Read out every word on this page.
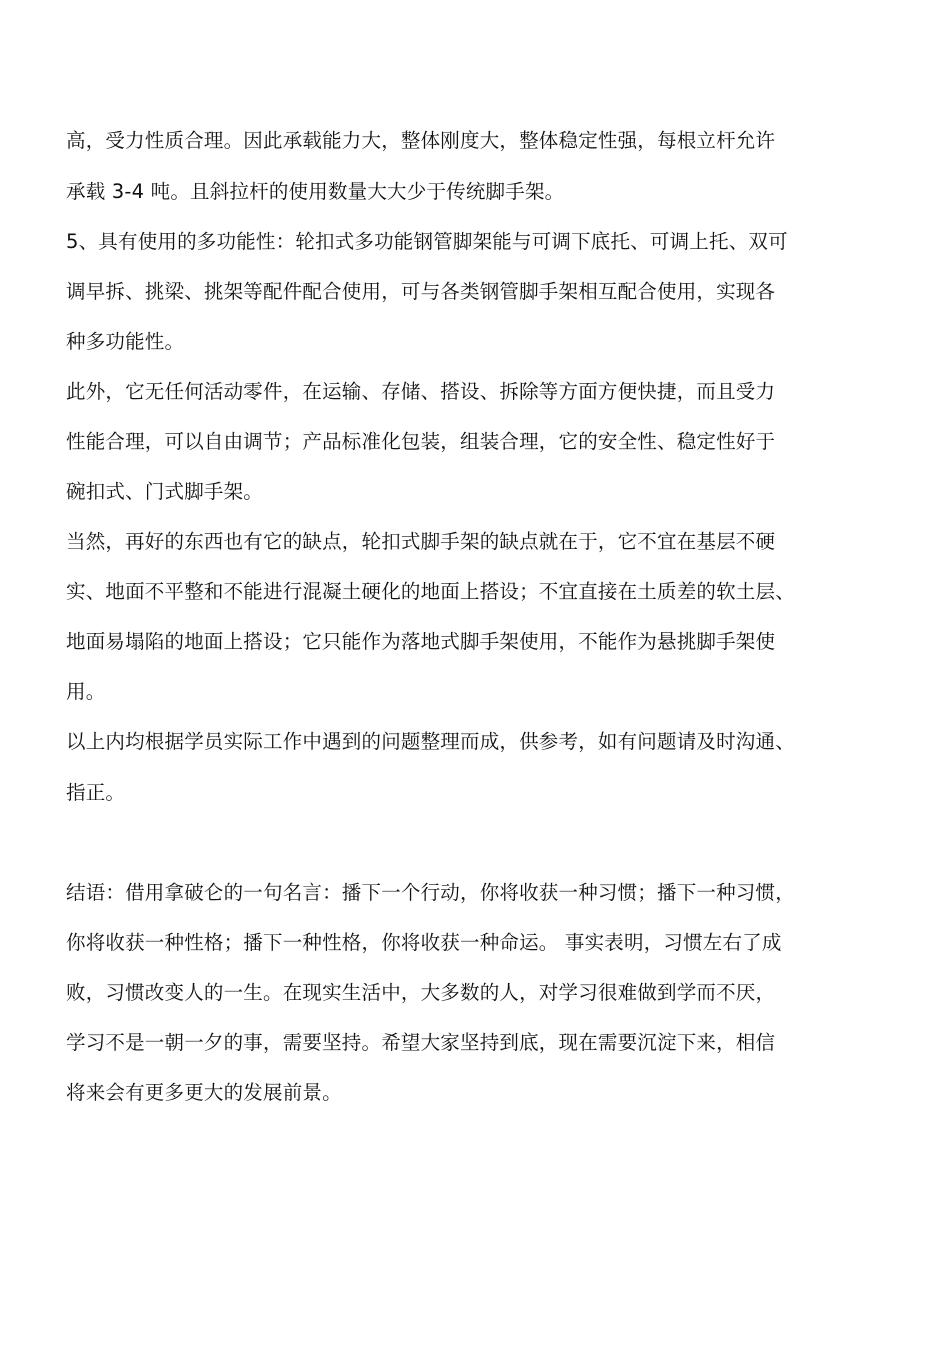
高，受力性质合理。因此承载能力大，整体刚度大，整体稳定性强，每根立杆允许
承载 3-4 吨。且斜拉杆的使用数量大大少于传统脚手架。
5、具有使用的多功能性：轮扣式多功能钢管脚架能与可调下底托、可调上托、双可
调早拆、挑梁、挑架等配件配合使用，可与各类钢管脚手架相互配合使用，实现各
种多功能性。
此外，它无任何活动零件，在运输、存储、搭设、拆除等方面方便快捷，而且受力
性能合理，可以自由调节；产品标准化包装，组装合理，它的安全性、稳定性好于
碗扣式、门式脚手架。
当然，再好的东西也有它的缺点，轮扣式脚手架的缺点就在于，它不宜在基层不硬
实、地面不平整和不能进行混凝土硬化的地面上搭设；不宜直接在土质差的软土层、
地面易塌陷的地面上搭设；它只能作为落地式脚手架使用，不能作为悬挑脚手架使
用。
以上内均根据学员实际工作中遇到的问题整理而成，供参考，如有问题请及时沟通、
指正。
结语：借用拿破仑的一句名言：播下一个行动，你将收获一种习惯；播下一种习惯，
你将收获一种性格；播下一种性格，你将收获一种命运。 事实表明，习惯左右了成
败，习惯改变人的一生。在现实生活中，大多数的人，对学习很难做到学而不厌，
学习不是一朝一夕的事，需要坚持。希望大家坚持到底，现在需要沉淀下来，相信
将来会有更多更大的发展前景。
